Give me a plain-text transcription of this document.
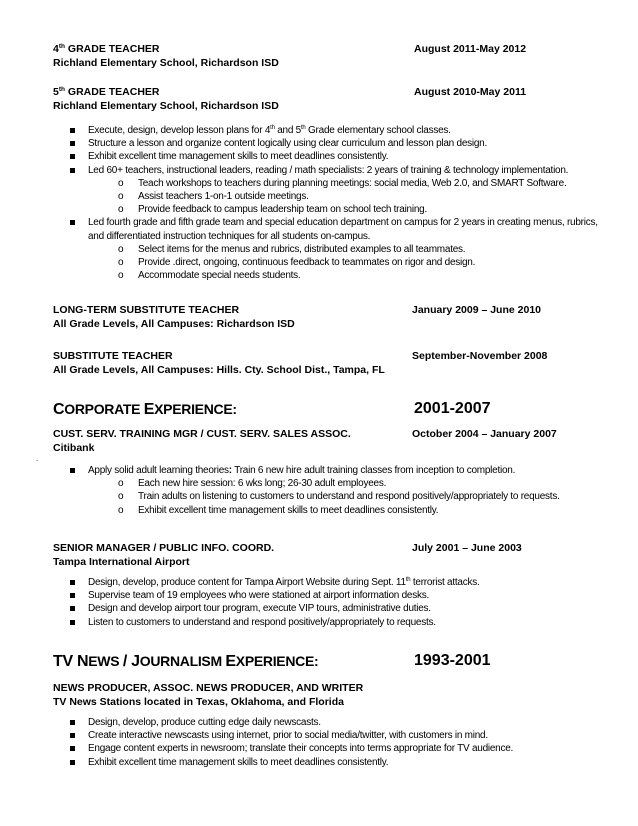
4th GRADE TEACHER	August 2011-May 2012
Richland Elementary School, Richardson ISD
5th GRADE TEACHER	August 2010-May 2011
Richland Elementary School, Richardson ISD
Execute, design, develop lesson plans for 4th and 5th Grade elementary school classes.
Structure a lesson and organize content logically using clear curriculum and lesson plan design.
Exhibit excellent time management skills to meet deadlines consistently.
Led 60+ teachers, instructional leaders, reading / math specialists: 2 years of training & technology implementation.
o Teach workshops to teachers during planning meetings: social media, Web 2.0, and SMART Software.
o Assist teachers 1-on-1 outside meetings.
o Provide feedback to campus leadership team on school tech training.
Led fourth grade and fifth grade team and special education department on campus for 2 years in creating menus, rubrics,
and differentiated instruction techniques for all students on-campus.
o Select items for the menus and rubrics, distributed examples to all teammates.
o Provide .direct, ongoing, continuous feedback to teammates on rigor and design.
o Accommodate special needs students.
LONG-TERM SUBSTITUTE TEACHER	January 2009 – June 2010
All Grade Levels, All Campuses: Richardson ISD
SUBSTITUTE TEACHER	September-November 2008
All Grade Levels, All Campuses: Hills. Cty. School Dist., Tampa, FL
CORPORATE EXPERIENCE:	2001-2007
CUST. SERV. TRAINING MGR / CUST. SERV. SALES ASSOC.	October 2004 – January 2007
Citibank
.
Apply solid adult learning theories: Train 6 new hire adult training classes from inception to completion.
o Each new hire session: 6 wks long; 26-30 adult employees.
o Train adults on listening to customers to understand and respond positively/appropriately to requests.
o Exhibit excellent time management skills to meet deadlines consistently.
SENIOR MANAGER / PUBLIC INFO. COORD.	July 2001 – June 2003
Tampa International Airport
Design, develop, produce content for Tampa Airport Website during Sept. 11th terrorist attacks.
Supervise team of 19 employees who were stationed at airport information desks.
Design and develop airport tour program, execute VIP tours, administrative duties.
Listen to customers to understand and respond positively/appropriately to requests.
TV NEWS / JOURNALISM EXPERIENCE:	1993-2001
NEWS PRODUCER, ASSOC. NEWS PRODUCER, AND WRITER
TV News Stations located in Texas, Oklahoma, and Florida
Design, develop, produce cutting edge daily newscasts.
Create interactive newscasts using internet, prior to social media/twitter, with customers in mind.
Engage content experts in newsroom; translate their concepts into terms appropriate for TV audience.
Exhibit excellent time management skills to meet deadlines consistently.
